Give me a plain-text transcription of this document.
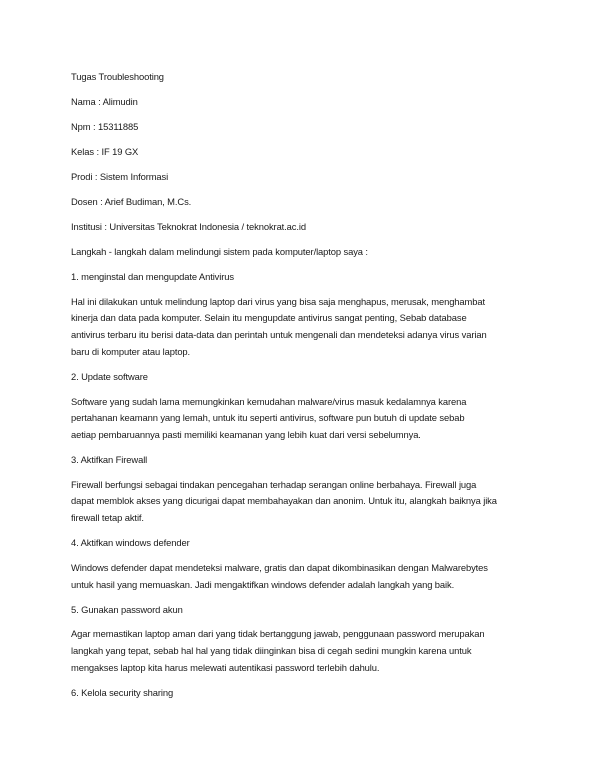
Tugas Troubleshooting

Nama : Alimudin

Npm : 15311885

Kelas : IF 19 GX

Prodi : Sistem Informasi

Dosen : Arief Budiman, M.Cs.

Institusi : Universitas Teknokrat Indonesia / teknokrat.ac.id

Langkah - langkah dalam melindungi sistem pada komputer/laptop saya :

1. menginstal dan mengupdate Antivirus

Hal ini dilakukan untuk melindung laptop dari virus yang bisa saja menghapus, merusak, menghambat
kinerja dan data pada komputer. Selain itu mengupdate antivirus sangat penting, Sebab database
antivirus terbaru itu berisi data-data dan perintah untuk mengenali dan mendeteksi adanya virus varian
baru di komputer atau laptop.

2. Update software

Software yang sudah lama memungkinkan kemudahan malware/virus masuk kedalamnya karena
pertahanan keamann yang lemah, untuk itu seperti antivirus, software pun butuh di update sebab
aetiap pembaruannya pasti memiliki keamanan yang lebih kuat dari versi sebelumnya.

3. Aktifkan Firewall

Firewall berfungsi sebagai tindakan pencegahan terhadap serangan online berbahaya. Firewall juga
dapat memblok akses yang dicurigai dapat membahayakan dan anonim. Untuk itu, alangkah baiknya jika
firewall tetap aktif.

4. Aktifkan windows defender

Windows defender dapat mendeteksi malware, gratis dan dapat dikombinasikan dengan Malwarebytes
untuk hasil yang memuaskan. Jadi mengaktifkan windows defender adalah langkah yang baik.

5. Gunakan password akun

Agar memastikan laptop aman dari yang tidak bertanggung jawab, penggunaan password merupakan
langkah yang tepat, sebab hal hal yang tidak diinginkan bisa di cegah sedini mungkin karena untuk
mengakses laptop kita harus melewati autentikasi password terlebih dahulu.

6. Kelola security sharing
